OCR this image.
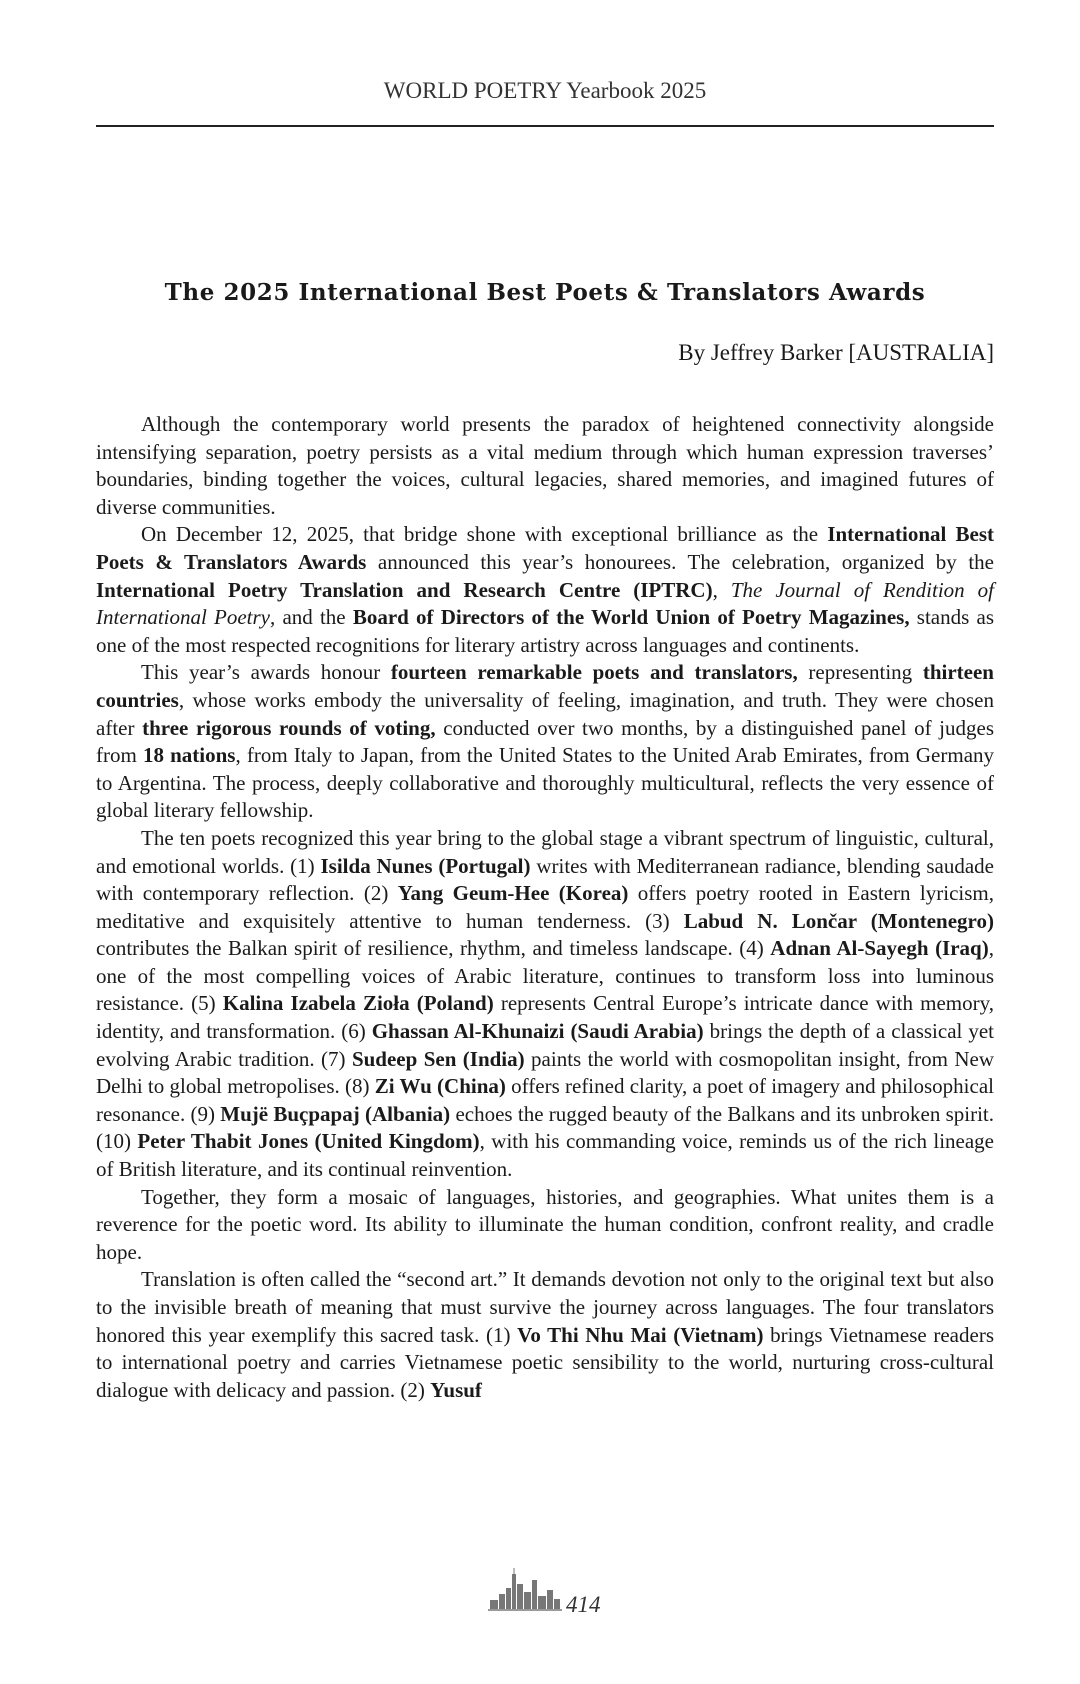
WORLD POETRY Yearbook 2025
The 2025 International Best Poets & Translators Awards
By Jeffrey Barker [AUSTRALIA]

Although the contemporary world presents the paradox of heightened connectivity alongside intensifying separation, poetry persists as a vital medium through which human expression traverses’ boundaries, binding together the voices, cultural legacies, shared memories, and imagined futures of diverse communities.

On December 12, 2025, that bridge shone with exceptional brilliance as the International Best Poets & Translators Awards announced this year’s honourees. The celebration, organized by the International Poetry Translation and Research Centre (IPTRC), The Journal of Rendition of International Poetry, and the Board of Directors of the World Union of Poetry Magazines, stands as one of the most respected recognitions for literary artistry across languages and continents.

This year’s awards honour fourteen remarkable poets and translators, representing thirteen countries, whose works embody the universality of feeling, imagination, and truth. They were chosen after three rigorous rounds of voting, conducted over two months, by a distinguished panel of judges from 18 nations, from Italy to Japan, from the United States to the United Arab Emirates, from Germany to Argentina. The process, deeply collaborative and thoroughly multicultural, reflects the very essence of global literary fellowship.

The ten poets recognized this year bring to the global stage a vibrant spectrum of linguistic, cultural, and emotional worlds. (1) Isilda Nunes (Portugal) writes with Mediterranean radiance, blending saudade with contemporary reflection. (2) Yang Geum-Hee (Korea) offers poetry rooted in Eastern lyricism, meditative and exquisitely attentive to human tenderness. (3) Labud N. Lončar (Montenegro) contributes the Balkan spirit of resilience, rhythm, and timeless landscape. (4) Adnan Al-Sayegh (Iraq), one of the most compelling voices of Arabic literature, continues to transform loss into luminous resistance. (5) Kalina Izabela Zioła (Poland) represents Central Europe’s intricate dance with memory, identity, and transformation. (6) Ghassan Al-Khunaizi (Saudi Arabia) brings the depth of a classical yet evolving Arabic tradition. (7) Sudeep Sen (India) paints the world with cosmopolitan insight, from New Delhi to global metropolises. (8) Zi Wu (China) offers refined clarity, a poet of imagery and philosophical resonance. (9) Mujë Buçpapaj (Albania) echoes the rugged beauty of the Balkans and its unbroken spirit. (10) Peter Thabit Jones (United Kingdom), with his commanding voice, reminds us of the rich lineage of British literature, and its continual reinvention.

Together, they form a mosaic of languages, histories, and geographies. What unites them is a reverence for the poetic word. Its ability to illuminate the human condition, confront reality, and cradle hope.

Translation is often called the “second art.” It demands devotion not only to the original text but also to the invisible breath of meaning that must survive the journey across languages. The four translators honored this year exemplify this sacred task. (1) Vo Thi Nhu Mai (Vietnam) brings Vietnamese readers to international poetry and carries Vietnamese poetic sensibility to the world, nurturing cross-cultural dialogue with delicacy and passion. (2) Yusuf

414
